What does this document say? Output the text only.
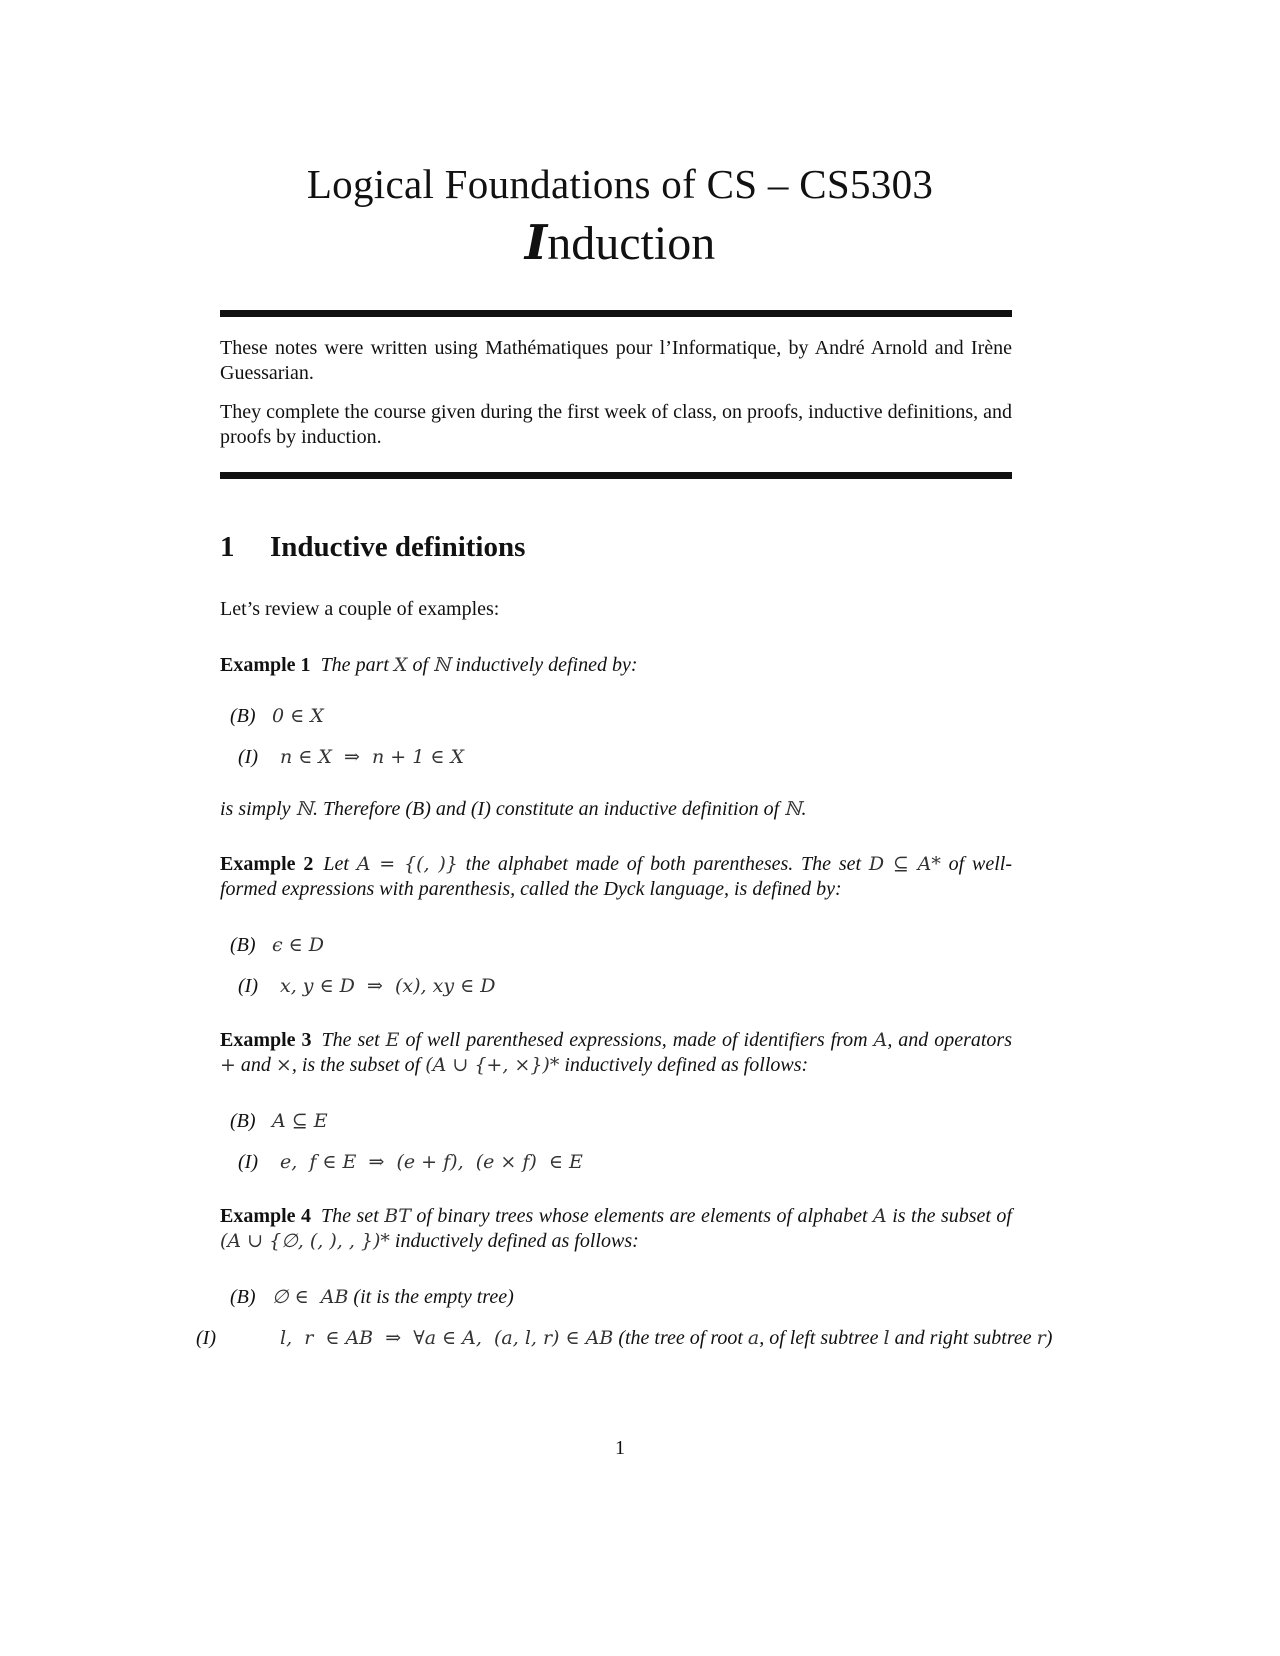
Logical Foundations of CS – CS5303
Induction

These notes were written using Mathématiques pour l’Informatique, by André Arnold and Irène Guessarian.

They complete the course given during the first week of class, on proofs, inductive definitions, and proofs by induction.

1 Inductive definitions
Let’s review a couple of examples:
Example 1 The part X of ℕ inductively defined by:
(B) 0 ∈ X
(I) n ∈ X  ⇒  n + 1 ∈ X
is simply ℕ. Therefore (B) and (I) constitute an inductive definition of ℕ.
Example 2 Let A = {(, )} the alphabet made of both parentheses. The set D ⊆ A* of well-formed expressions with parenthesis, called the Dyck language, is defined by:
(B) ϵ ∈ D
(I) x, y ∈ D  ⇒  (x), xy ∈ D
Example 3 The set E of well parenthesed expressions, made of identifiers from A, and operators + and ×, is the subset of (A ∪ {+, ×})* inductively defined as follows:
(B) A ⊆ E
(I) e,  f ∈ E  ⇒  (e + f),  (e × f)  ∈ E
Example 4 The set BT of binary trees whose elements are elements of alphabet A is the subset of (A ∪ {∅, (, ), , })* inductively defined as follows:
(B) ∅ ∈  AB (it is the empty tree)
(I)	l,  r  ∈ AB  ⇒  ∀a ∈ A,  (a, l, r) ∈ AB (the tree of root a, of left subtree l and right subtree r)
1
